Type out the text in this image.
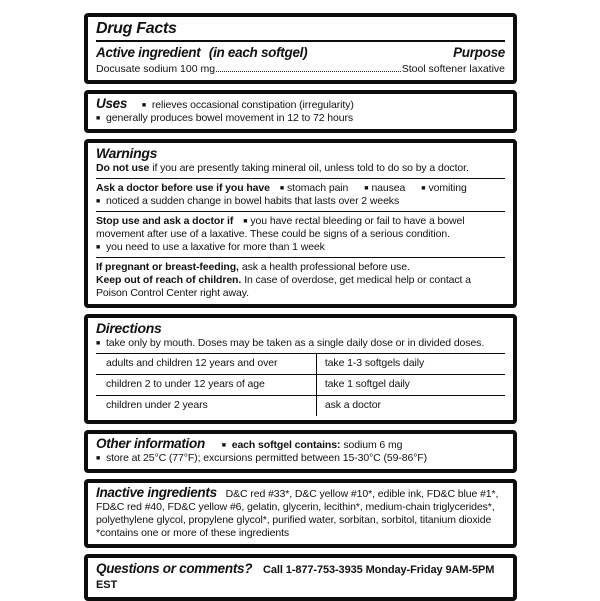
Drug Facts
Active ingredient (in each softgel)	Purpose
Docusate sodium 100 mg	Stool softener laxative

Uses ■ relieves occasional constipation (irregularity)

■ generally produces bowel movement in 12 to 72 hours

Warnings

Do not use if you are presently taking mineral oil, unless told to do so by a doctor.

Ask a doctor before use if you have ■ stomach pain ■ nausea ■ vomiting

■ noticed a sudden change in bowel habits that lasts over 2 weeks

Stop use and ask a doctor if ■ you have rectal bleeding or fail to have a bowel movement after use of a laxative. These could be signs of a serious condition.

■ you need to use a laxative for more than 1 week

If pregnant or breast-feeding, ask a health professional before use.

Keep out of reach of children. In case of overdose, get medical help or contact a Poison Control Center right away.

Directions

■ take only by mouth. Doses may be taken as a single daily dose or in divided doses.

adults and children 12 years and over	take 1-3 softgels daily
children 2 to under 12 years of age	take 1 softgel daily
children under 2 years	ask a doctor

Other information ■ each softgel contains: sodium 6 mg

■ store at 25°C (77°F); excursions permitted between 15-30°C (59-86°F)

Inactive ingredients D&C red #33*, D&C yellow #10*, edible ink, FD&C blue #1*, FD&C red #40, FD&C yellow #6, gelatin, glycerin, lecithin*, medium-chain triglycerides*, polyethylene glycol, propylene glycol*, purified water, sorbitan, sorbitol, titanium dioxide
*contains one or more of these ingredients

Questions or comments? Call 1-877-753-3935 Monday-Friday 9AM-5PM EST
